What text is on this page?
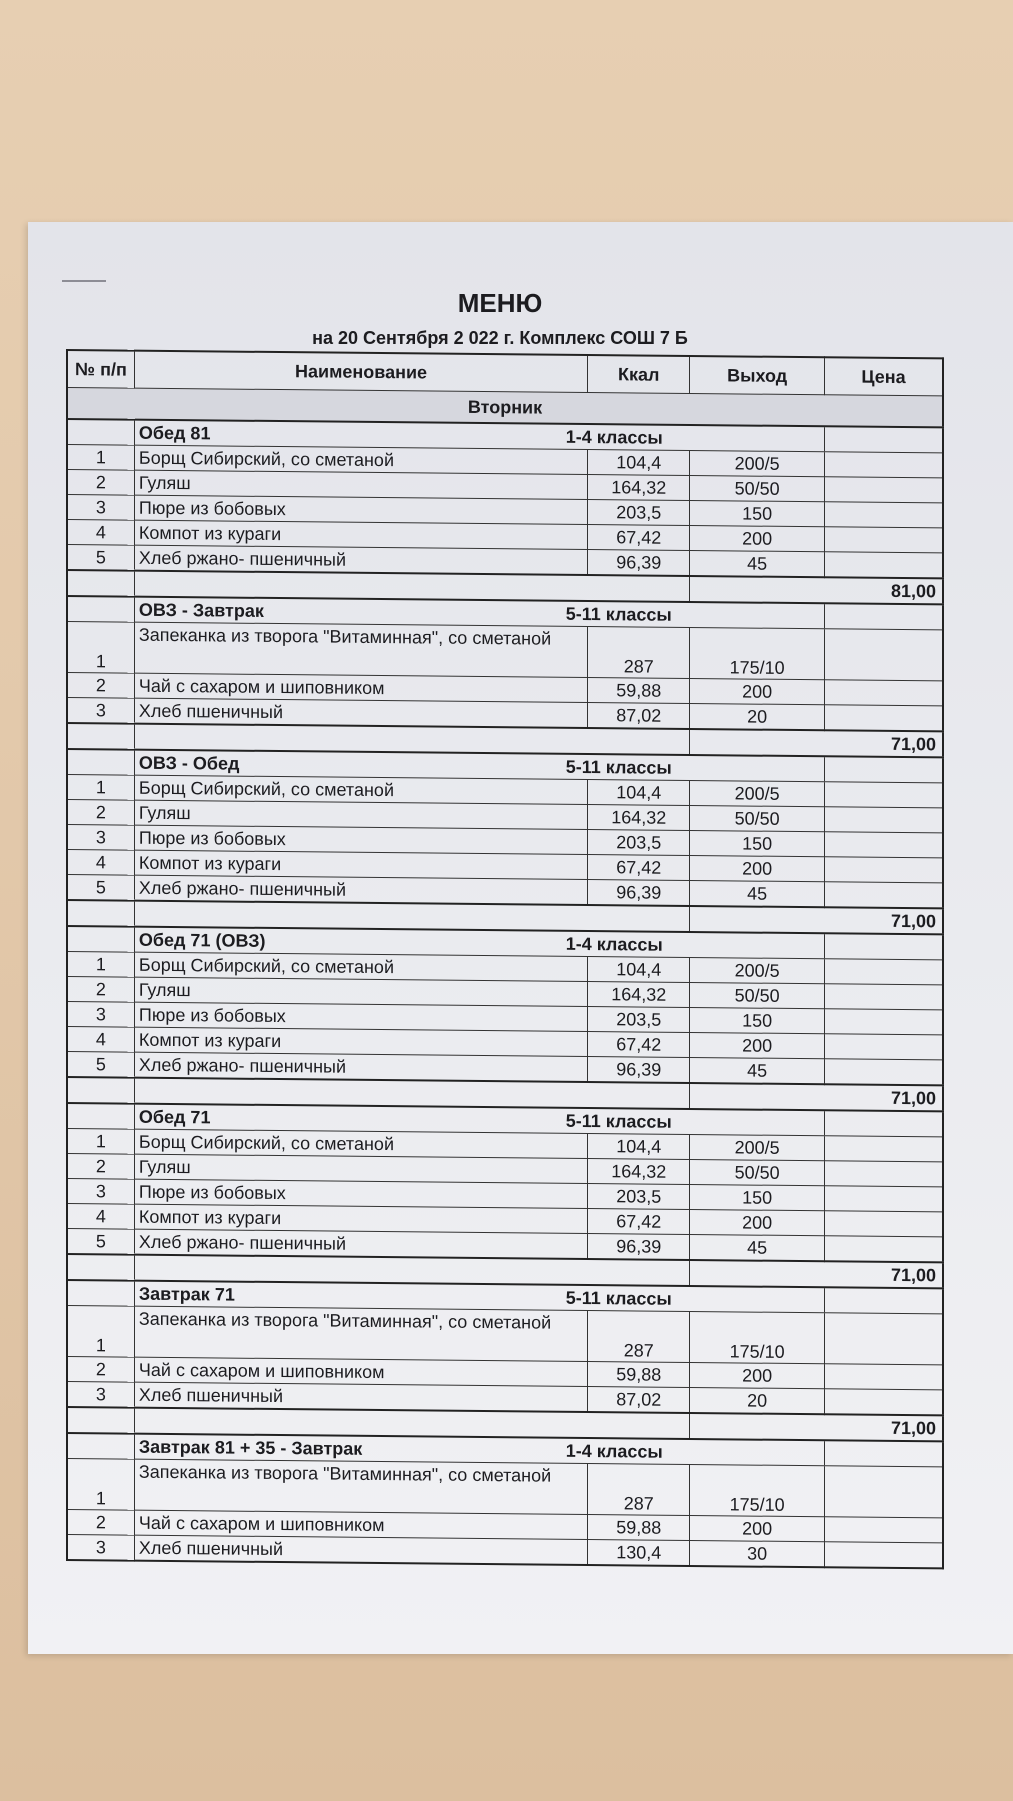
МЕНЮ
на 20 Сентября 2 022 г. Комплекс СОШ 7 Б
№ п/п	Наименование	Ккал	Выход	Цена
Вторник				
	Обед 81	1-4 классы		
1	Борщ Сибирский, со сметаной	104,4	200/5	
2	Гуляш	164,32	50/50	
3	Пюре из бобовых	203,5	150	
4	Компот из кураги	67,42	200	
5	Хлеб ржано- пшеничный	96,39	45	
			81,00	
	ОВЗ - Завтрак	5-11 классы		
1	Запеканка из творога "Витаминная", со сметаной	287	175/10	
2	Чай с сахаром и шиповником	59,88	200	
3	Хлеб пшеничный	87,02	20	
			71,00	
	ОВЗ - Обед	5-11 классы		
1	Борщ Сибирский, со сметаной	104,4	200/5	
2	Гуляш	164,32	50/50	
3	Пюре из бобовых	203,5	150	
4	Компот из кураги	67,42	200	
5	Хлеб ржано- пшеничный	96,39	45	
			71,00	
	Обед 71 (ОВЗ)	1-4 классы		
1	Борщ Сибирский, со сметаной	104,4	200/5	
2	Гуляш	164,32	50/50	
3	Пюре из бобовых	203,5	150	
4	Компот из кураги	67,42	200	
5	Хлеб ржано- пшеничный	96,39	45	
			71,00	
	Обед 71	5-11 классы		
1	Борщ Сибирский, со сметаной	104,4	200/5	
2	Гуляш	164,32	50/50	
3	Пюре из бобовых	203,5	150	
4	Компот из кураги	67,42	200	
5	Хлеб ржано- пшеничный	96,39	45	
			71,00	
	Завтрак 71	5-11 классы		
1	Запеканка из творога "Витаминная", со сметаной	287	175/10	
2	Чай с сахаром и шиповником	59,88	200	
3	Хлеб пшеничный	87,02	20	
			71,00	
	Завтрак 81 + 35 - Завтрак	1-4 классы		
1	Запеканка из творога "Витаминная", со сметаной	287	175/10	
2	Чай с сахаром и шиповником	59,88	200	
3	Хлеб пшеничный	130,4	30	
